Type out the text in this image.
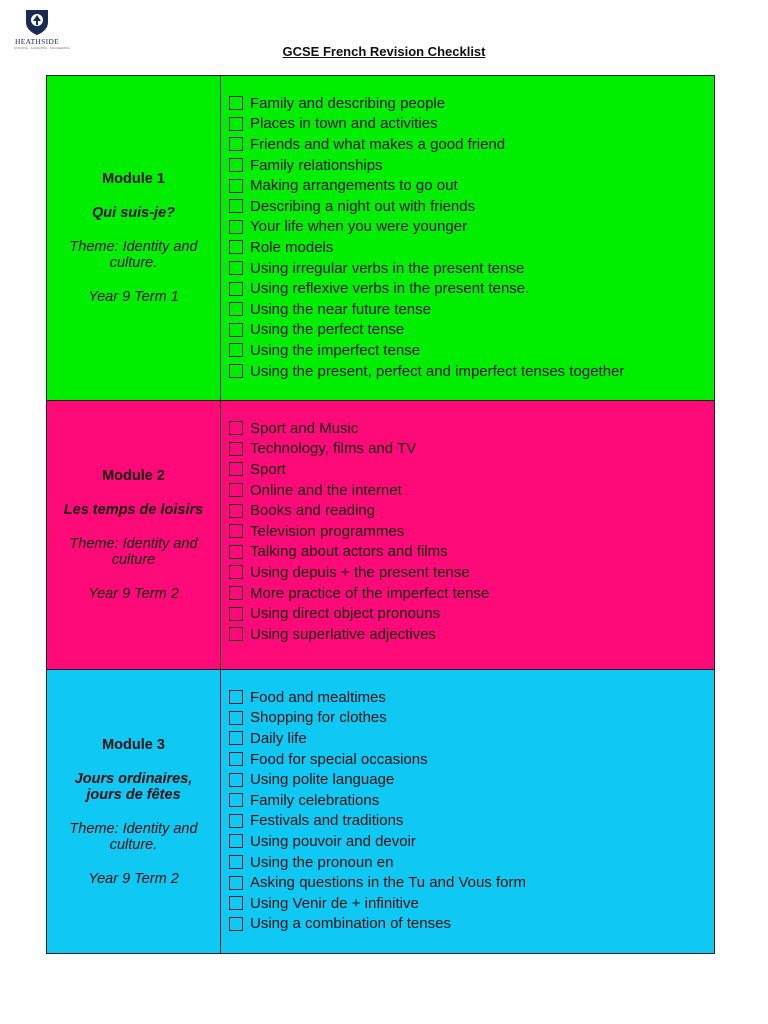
HEATHSIDE
STRIVING · ACHIEVING · SUCCEEDING	GCSE French Revision Checklist
Module 1
Qui suis-je?
Theme: Identity and
culture.
Year 9 Term 1
Family and describing people
Places in town and activities
Friends and what makes a good friend
Family relationships
Making arrangements to go out
Describing a night out with friends
Your life when you were younger
Role models
Using irregular verbs in the present tense
Using reflexive verbs in the present tense.
Using the near future tense
Using the perfect tense
Using the imperfect tense
Using the present, perfect and imperfect tenses together
Module 2
Les temps de loisirs
Theme: Identity and
culture
Year 9 Term 2
Sport and Music
Technology, films and TV
Sport
Online and the internet
Books and reading
Television programmes
Talking about actors and films
Using depuis + the present tense
More practice of the imperfect tense
Using direct object pronouns
Using superlative adjectives
Module 3
Jours ordinaires,
jours de fêtes
Theme: Identity and
culture.
Year 9 Term 2
Food and mealtimes
Shopping for clothes
Daily life
Food for special occasions
Using polite language
Family celebrations
Festivals and traditions
Using pouvoir and devoir
Using the pronoun en
Asking questions in the Tu and Vous form
Using Venir de + infinitive
Using a combination of tenses
